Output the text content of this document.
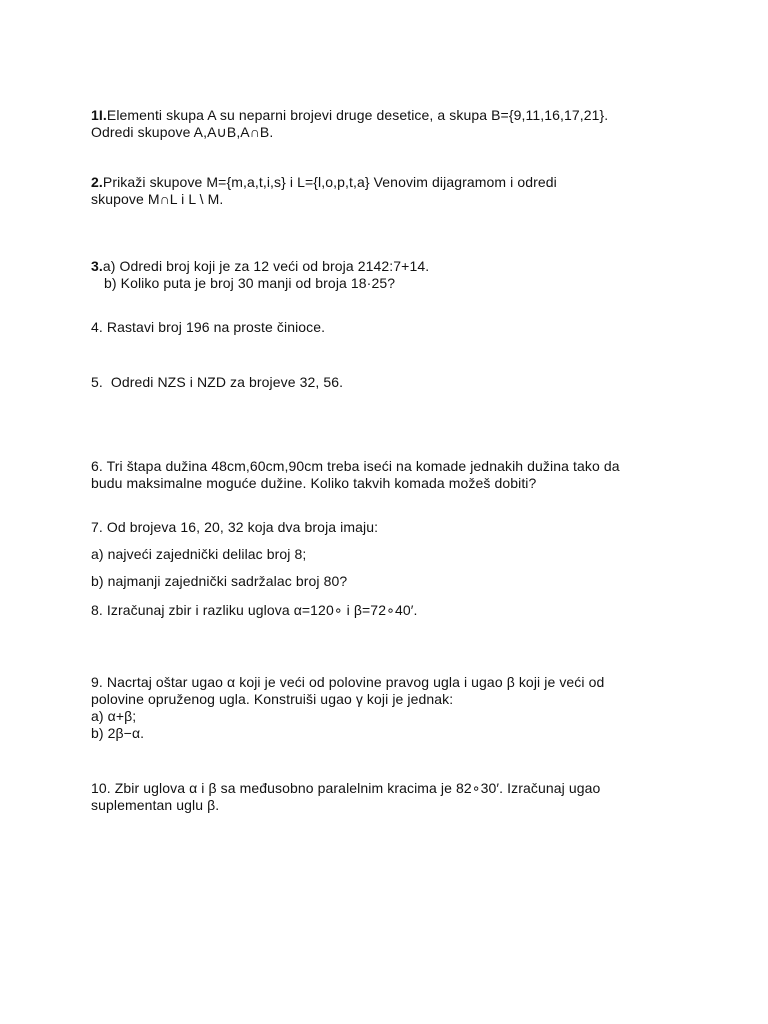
1I.Elementi skupa A su neparni brojevi druge desetice, a skupa B={9,11,16,17,21}.
Odredi skupove A,A∪B,A∩B.
2.Prikaži skupove M={m,a,t,i,s} i L={l,o,p,t,a} Venovim dijagramom i odredi
skupove M∩L i L \ M.
3.a) Odredi broj koji je za 12 veći od broja 2142:7+14.
b) Koliko puta je broj 30 manji od broja 18·25?
4. Rastavi broj 196 na proste činioce.
5.  Odredi NZS i NZD za brojeve 32, 56.
6. Tri štapa dužina 48cm,60cm,90cm treba iseći na komade jednakih dužina tako da
budu maksimalne moguće dužine. Koliko takvih komada možeš dobiti?
7. Od brojeva 16, 20, 32 koja dva broja imaju:
a) najveći zajednički delilac broj 8;
b) najmanji zajednički sadržalac broj 80?
8. Izračunaj zbir i razliku uglova α=120∘ i β=72∘40′.
9. Nacrtaj oštar ugao α koji je veći od polovine pravog ugla i ugao β koji je veći od
polovine opruženog ugla. Konstruiši ugao γ koji je jednak:
a) α+β;
b) 2β−α.
10. Zbir uglova α i β sa međusobno paralelnim kracima je 82∘30′. Izračunaj ugao
suplementan uglu β.
